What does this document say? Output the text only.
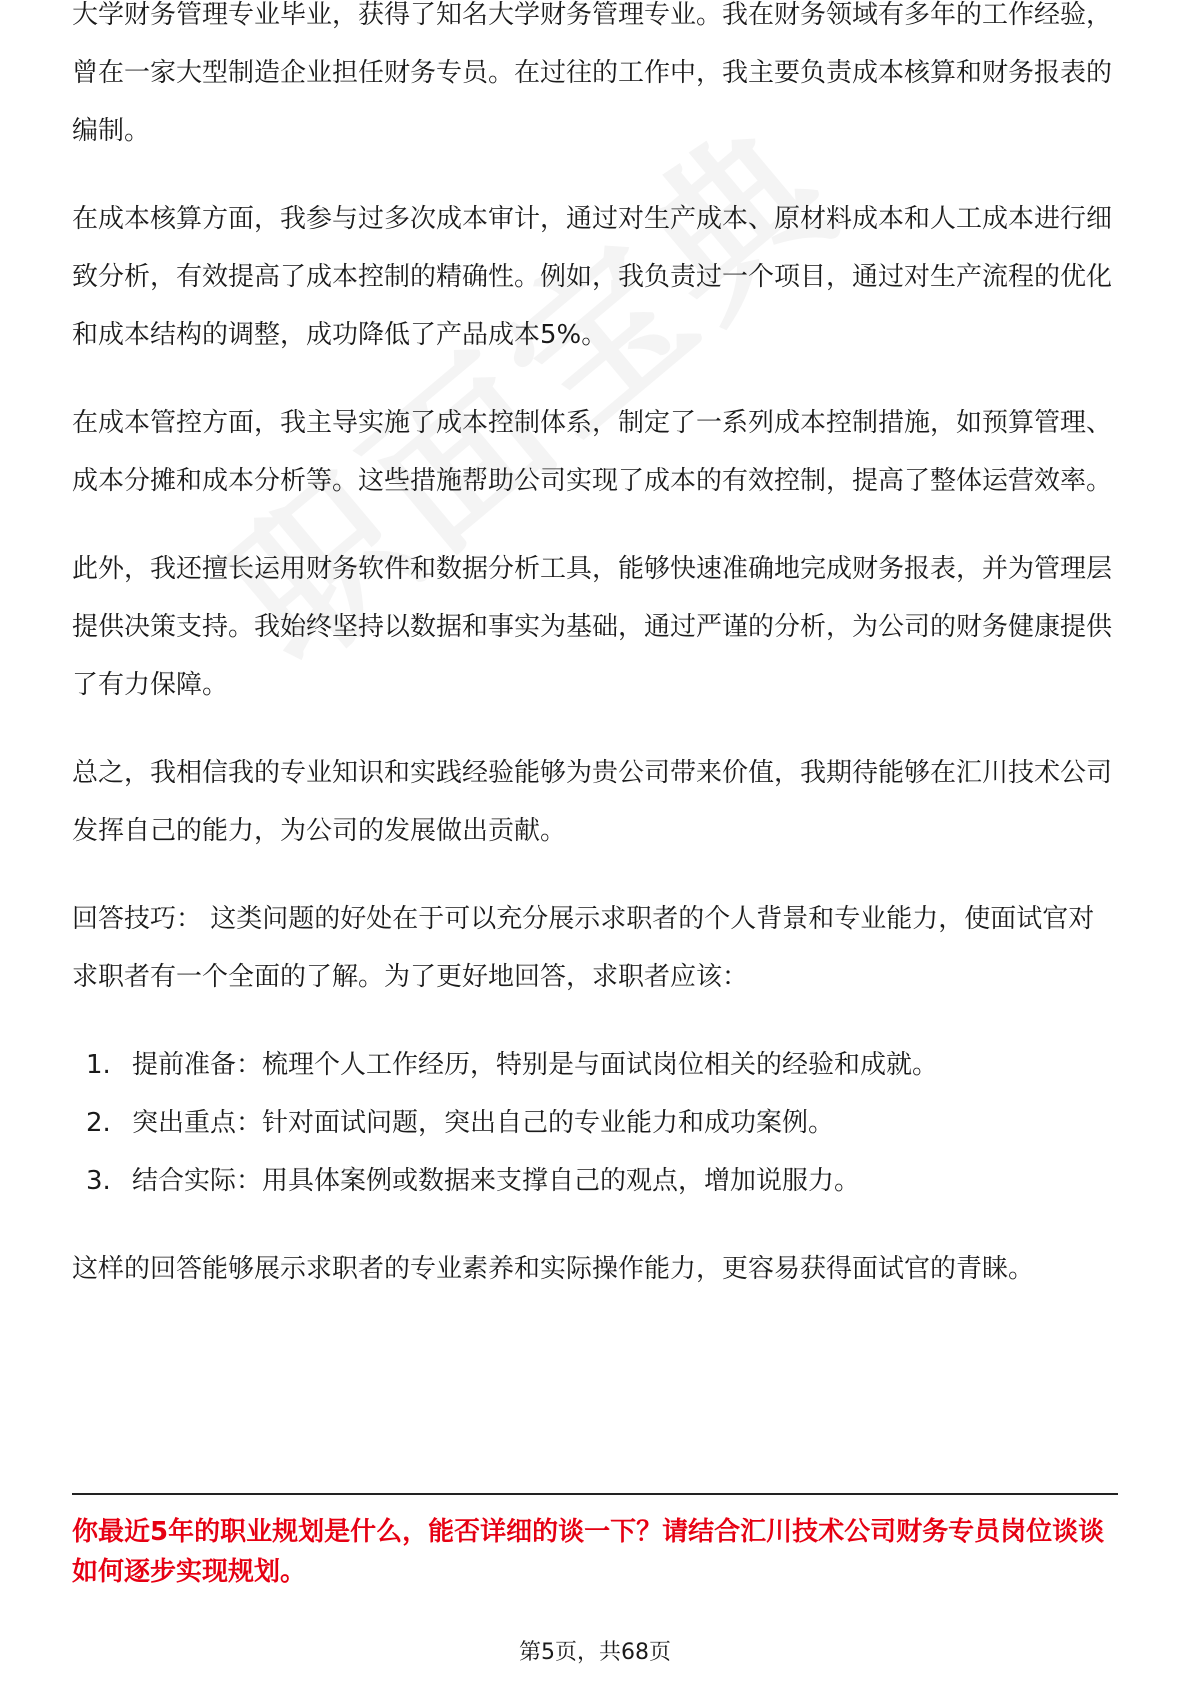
大学财务管理专业毕业，获得了知名大学财务管理专业。我在财务领域有多年的工作经验，曾在一家大型制造企业担任财务专员。在过往的工作中，我主要负责成本核算和财务报表的编制。

在成本核算方面，我参与过多次成本审计，通过对生产成本、原材料成本和人工成本进行细致分析，有效提高了成本控制的精确性。例如，我负责过一个项目，通过对生产流程的优化和成本结构的调整，成功降低了产品成本5%。

在成本管控方面，我主导实施了成本控制体系，制定了一系列成本控制措施，如预算管理、成本分摊和成本分析等。这些措施帮助公司实现了成本的有效控制，提高了整体运营效率。

此外，我还擅长运用财务软件和数据分析工具，能够快速准确地完成财务报表，并为管理层提供决策支持。我始终坚持以数据和事实为基础，通过严谨的分析，为公司的财务健康提供了有力保障。

总之，我相信我的专业知识和实践经验能够为贵公司带来价值，我期待能够在汇川技术公司发挥自己的能力，为公司的发展做出贡献。

回答技巧： 这类问题的好处在于可以充分展示求职者的个人背景和专业能力，使面试官对求职者有一个全面的了解。为了更好地回答，求职者应该：

1. 提前准备：梳理个人工作经历，特别是与面试岗位相关的经验和成就。
2. 突出重点：针对面试问题，突出自己的专业能力和成功案例。
3. 结合实际：用具体案例或数据来支撑自己的观点，增加说服力。

这样的回答能够展示求职者的专业素养和实际操作能力，更容易获得面试官的青睐。

你最近5年的职业规划是什么，能否详细的谈一下？请结合汇川技术公司财务专员岗位谈谈如何逐步实现规划。
第5页，共68页
